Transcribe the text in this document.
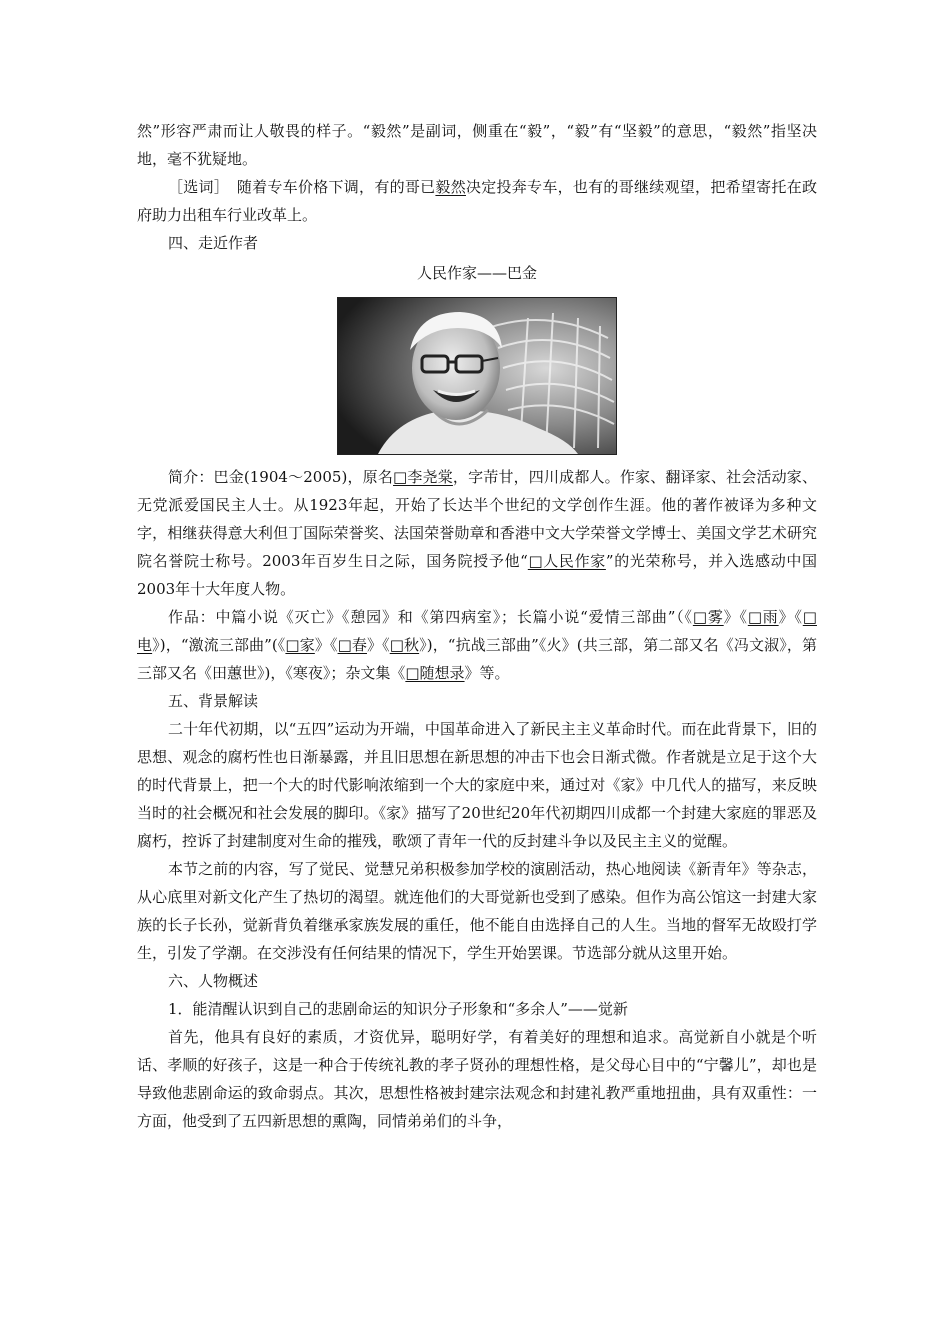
然”形容严肃而让人敬畏的样子。“毅然”是副词，侧重在“毅”，“毅”有“坚毅”的意思，“毅然”指坚决地，毫不犹疑地。

［选词］　随着专车价格下调，有的哥已毅然决定投奔专车，也有的哥继续观望，把希望寄托在政府助力出租车行业改革上。

四、走近作者

人民作家——巴金

简介：巴金(1904～2005)，原名□李尧棠，字芾甘，四川成都人。作家、翻译家、社会活动家、无党派爱国民主人士。从1923年起，开始了长达半个世纪的文学创作生涯。他的著作被译为多种文字，相继获得意大利但丁国际荣誉奖、法国荣誉勋章和香港中文大学荣誉文学博士、美国文学艺术研究院名誉院士称号。2003年百岁生日之际，国务院授予他“□人民作家”的光荣称号，并入选感动中国2003年十大年度人物。

作品：中篇小说《灭亡》《憩园》和《第四病室》；长篇小说“爱情三部曲”（《□雾》《□雨》《□电》)，“激流三部曲”(《□家》《□春》《□秋》)，“抗战三部曲”《火》(共三部，第二部又名《冯文淑》，第三部又名《田蕙世》)，《寒夜》；杂文集《□随想录》等。

五、背景解读

二十年代初期，以“五四”运动为开端，中国革命进入了新民主主义革命时代。而在此背景下，旧的思想、观念的腐朽性也日渐暴露，并且旧思想在新思想的冲击下也会日渐式微。作者就是立足于这个大的时代背景上，把一个大的时代影响浓缩到一个大的家庭中来，通过对《家》中几代人的描写，来反映当时的社会概况和社会发展的脚印。《家》描写了20世纪20年代初期四川成都一个封建大家庭的罪恶及腐朽，控诉了封建制度对生命的摧残，歌颂了青年一代的反封建斗争以及民主主义的觉醒。

本节之前的内容，写了觉民、觉慧兄弟积极参加学校的演剧活动，热心地阅读《新青年》等杂志，从心底里对新文化产生了热切的渴望。就连他们的大哥觉新也受到了感染。但作为高公馆这一封建大家族的长子长孙，觉新背负着继承家族发展的重任，他不能自由选择自己的人生。当地的督军无故殴打学生，引发了学潮。在交涉没有任何结果的情况下，学生开始罢课。节选部分就从这里开始。

六、人物概述

1．能清醒认识到自己的悲剧命运的知识分子形象和“多余人”——觉新

首先，他具有良好的素质，才资优异，聪明好学，有着美好的理想和追求。高觉新自小就是个听话、孝顺的好孩子，这是一种合于传统礼教的孝子贤孙的理想性格，是父母心目中的“宁馨儿”，却也是导致他悲剧命运的致命弱点。其次，思想性格被封建宗法观念和封建礼教严重地扭曲，具有双重性：一方面，他受到了五四新思想的熏陶，同情弟弟们的斗争，
